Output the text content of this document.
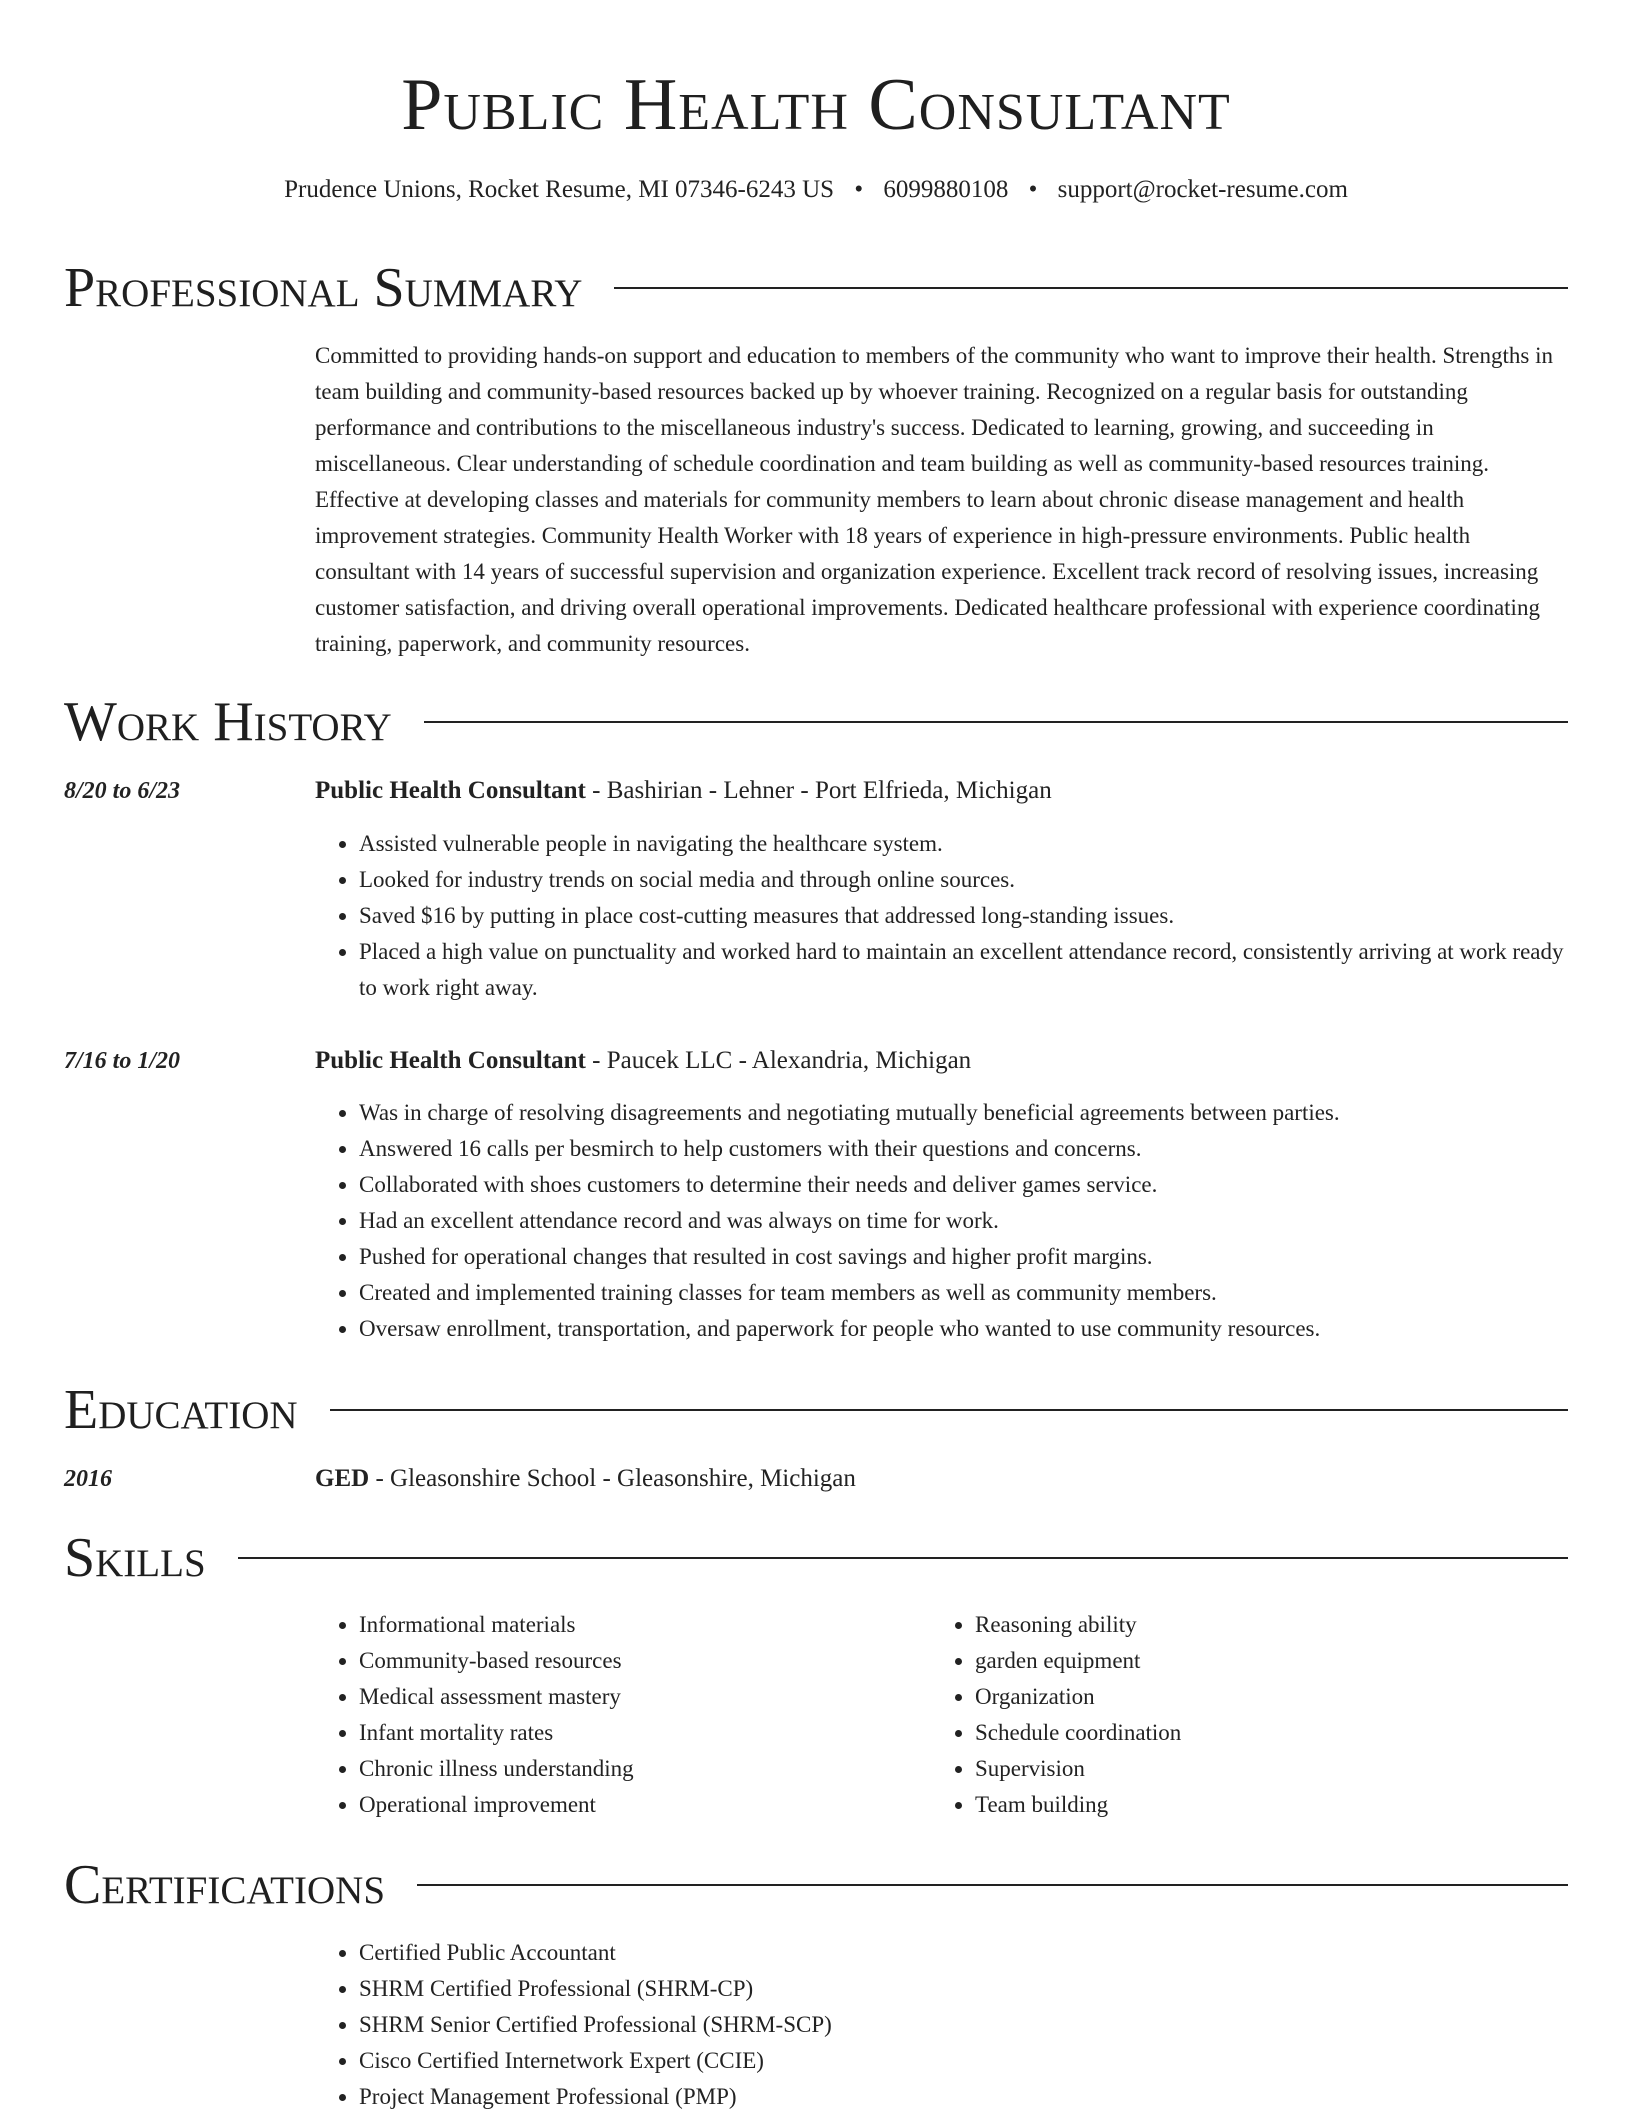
Public Health Consultant
Prudence Unions, Rocket Resume, MI 07346-6243 US • 6099880108 • support@rocket-resume.com
Professional Summary

Committed to providing hands-on support and education to members of the community who want to improve their health. Strengths in team building and community-based resources backed up by whoever training. Recognized on a regular basis for outstanding performance and contributions to the miscellaneous industry's success. Dedicated to learning, growing, and succeeding in miscellaneous. Clear understanding of schedule coordination and team building as well as community-based resources training. Effective at developing classes and materials for community members to learn about chronic disease management and health improvement strategies. Community Health Worker with 18 years of experience in high-pressure environments. Public health consultant with 14 years of successful supervision and organization experience. Excellent track record of resolving issues, increasing customer satisfaction, and driving overall operational improvements. Dedicated healthcare professional with experience coordinating training, paperwork, and community resources.

Work History
8/20 to 6/23	Public Health Consultant - Bashirian - Lehner - Port Elfrieda, Michigan
• Assisted vulnerable people in navigating the healthcare system.
• Looked for industry trends on social media and through online sources.
• Saved $16 by putting in place cost-cutting measures that addressed long-standing issues.
• Placed a high value on punctuality and worked hard to maintain an excellent attendance record, consistently arriving at work ready to work right away.
7/16 to 1/20	Public Health Consultant - Paucek LLC - Alexandria, Michigan
• Was in charge of resolving disagreements and negotiating mutually beneficial agreements between parties.
• Answered 16 calls per besmirch to help customers with their questions and concerns.
• Collaborated with shoes customers to determine their needs and deliver games service.
• Had an excellent attendance record and was always on time for work.
• Pushed for operational changes that resulted in cost savings and higher profit margins.
• Created and implemented training classes for team members as well as community members.
• Oversaw enrollment, transportation, and paperwork for people who wanted to use community resources.
Education
2016	GED - Gleasonshire School - Gleasonshire, Michigan
Skills
• Informational materials
• Community-based resources
• Medical assessment mastery
• Infant mortality rates
• Chronic illness understanding
• Operational improvement
• Reasoning ability
• garden equipment
• Organization
• Schedule coordination
• Supervision
• Team building
Certifications
• Certified Public Accountant
• SHRM Certified Professional (SHRM-CP)
• SHRM Senior Certified Professional (SHRM-SCP)
• Cisco Certified Internetwork Expert (CCIE)
• Project Management Professional (PMP)
